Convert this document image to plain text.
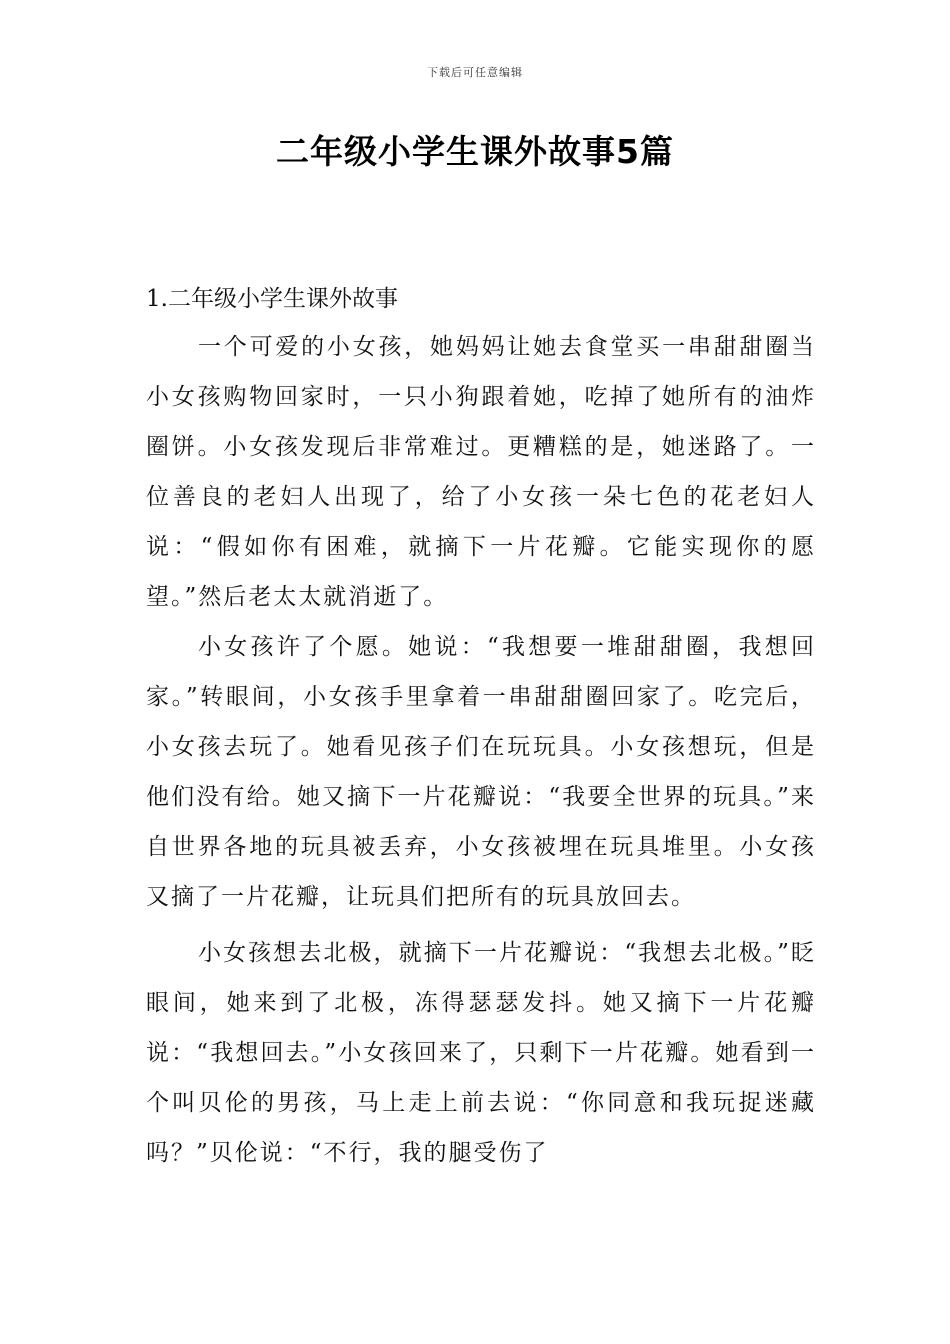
下载后可任意编辑
二年级小学生课外故事5篇
1.二年级小学生课外故事

一个可爱的小女孩，她妈妈让她去食堂买一串甜甜圈当小女孩购物回家时，一只小狗跟着她，吃掉了她所有的油炸圈饼。小女孩发现后非常难过。更糟糕的是，她迷路了。一位善良的老妇人出现了，给了小女孩一朵七色的花老妇人说：“假如你有困难，就摘下一片花瓣。它能实现你的愿望。”然后老太太就消逝了。

小女孩许了个愿。她说：“我想要一堆甜甜圈，我想回家。”转眼间，小女孩手里拿着一串甜甜圈回家了。吃完后，小女孩去玩了。她看见孩子们在玩玩具。小女孩想玩，但是他们没有给。她又摘下一片花瓣说：“我要全世界的玩具。”来自世界各地的玩具被丢弃，小女孩被埋在玩具堆里。小女孩又摘了一片花瓣，让玩具们把所有的玩具放回去。

小女孩想去北极，就摘下一片花瓣说：“我想去北极。”眨眼间，她来到了北极，冻得瑟瑟发抖。她又摘下一片花瓣说：“我想回去。”小女孩回来了，只剩下一片花瓣。她看到一个叫贝伦的男孩，马上走上前去说：“你同意和我玩捉迷藏吗？”贝伦说：“不行，我的腿受伤了
